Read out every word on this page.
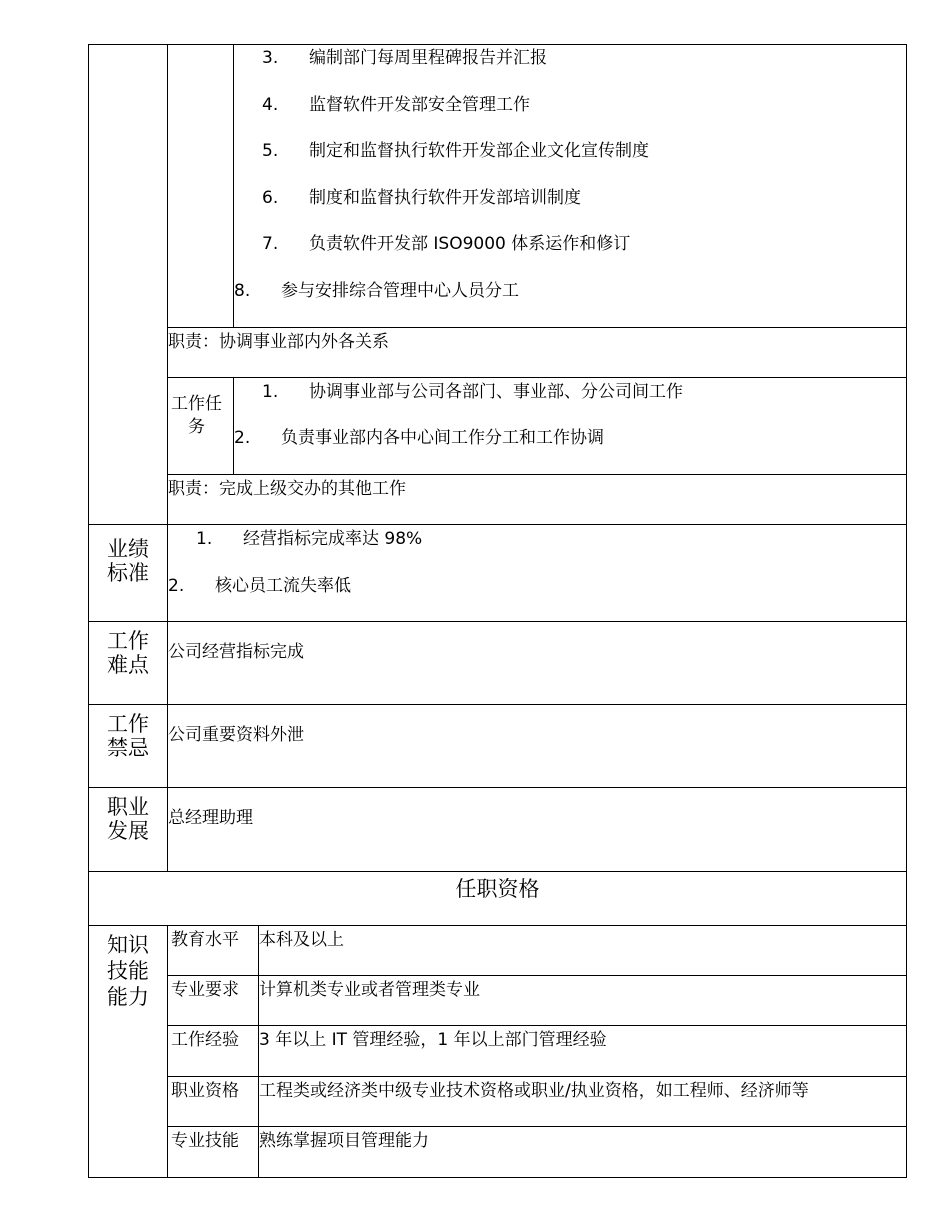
3. 编制部门每周里程碑报告并汇报
4. 监督软件开发部安全管理工作
5. 制定和监督执行软件开发部企业文化宣传制度
6. 制度和监督执行软件开发部培训制度
7. 负责软件开发部 ISO9000 体系运作和修订
8. 参与安排综合管理中心人员分工
职责：协调事业部内外各关系
工作任务
1. 协调事业部与公司各部门、事业部、分公司间工作
2. 负责事业部内各中心间工作分工和工作协调
职责：完成上级交办的其他工作
业绩标准
1. 经营指标完成率达 98%
2. 核心员工流失率低
工作难点
公司经营指标完成
工作禁忌
公司重要资料外泄
职业发展
总经理助理
任职资格
知识技能能力
教育水平 本科及以上
专业要求 计算机类专业或者管理类专业
工作经验 3 年以上 IT 管理经验，1 年以上部门管理经验
职业资格 工程类或经济类中级专业技术资格或职业/执业资格，如工程师、经济师等
专业技能 熟练掌握项目管理能力
